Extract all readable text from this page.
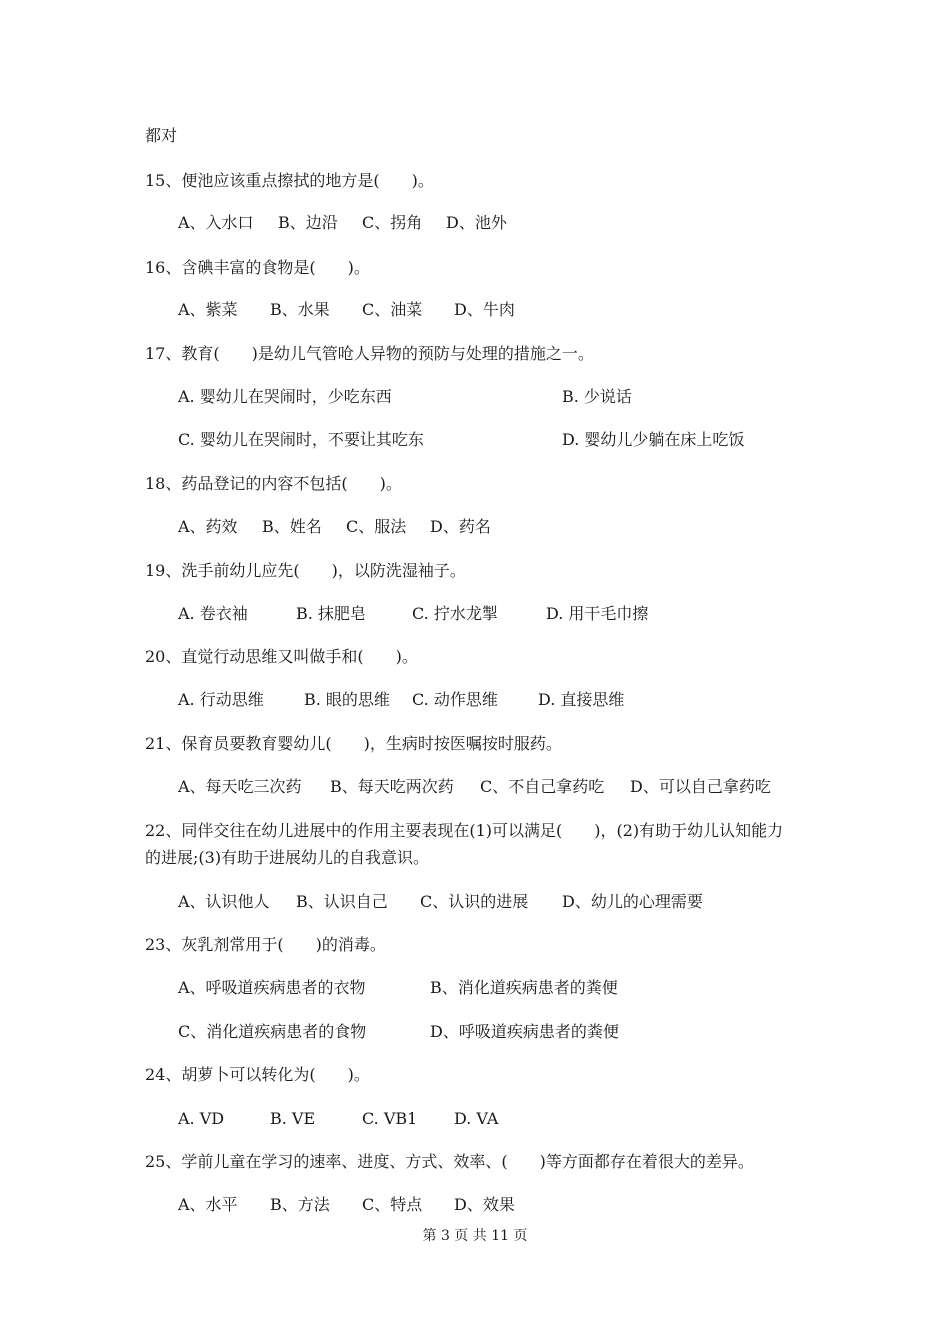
都对
15、便池应该重点擦拭的地方是(　　)。
A、入水口 B、边沿 C、拐角 D、池外
16、含碘丰富的食物是(　　)。
A、紫菜 B、水果 C、油菜 D、牛肉
17、教育(　　)是幼儿气管呛人异物的预防与处理的措施之一。
A. 婴幼儿在哭闹时，少吃东西	B. 少说话
C. 婴幼儿在哭闹时，不要让其吃东	D. 婴幼儿少躺在床上吃饭
18、药品登记的内容不包括(　　)。
A、药效 B、姓名 C、服法 D、药名
19、洗手前幼儿应先(　　)，以防洗湿袖子。
A. 卷衣袖	B. 抹肥皂	C. 拧水龙掣	D. 用干毛巾擦
20、直觉行动思维又叫做手和(　　)。
A. 行动思维	B. 眼的思维 C. 动作思维	D. 直接思维
21、保育员要教育婴幼儿(　　)，生病时按医嘱按时服药。
A、每天吃三次药 B、每天吃两次药 C、不自己拿药吃 D、可以自己拿药吃
22、同伴交往在幼儿进展中的作用主要表现在(1)可以满足(　　)，(2)有助于幼儿认知能力
的进展;(3)有助于进展幼儿的自我意识。
A、认识他人 B、认识自己 C、认识的进展 D、幼儿的心理需要
23、灰乳剂常用于(　　)的消毒。
A、呼吸道疾病患者的衣物	B、消化道疾病患者的粪便
C、消化道疾病患者的食物	D、呼吸道疾病患者的粪便
24、胡萝卜可以转化为(　　)。
A. VD	B. VE	C. VB1 D. VA
25、学前儿童在学习的速率、进度、方式、效率、(　　)等方面都存在着很大的差异。
A、水平 B、方法 C、特点 D、效果
第 3 页 共 11 页
